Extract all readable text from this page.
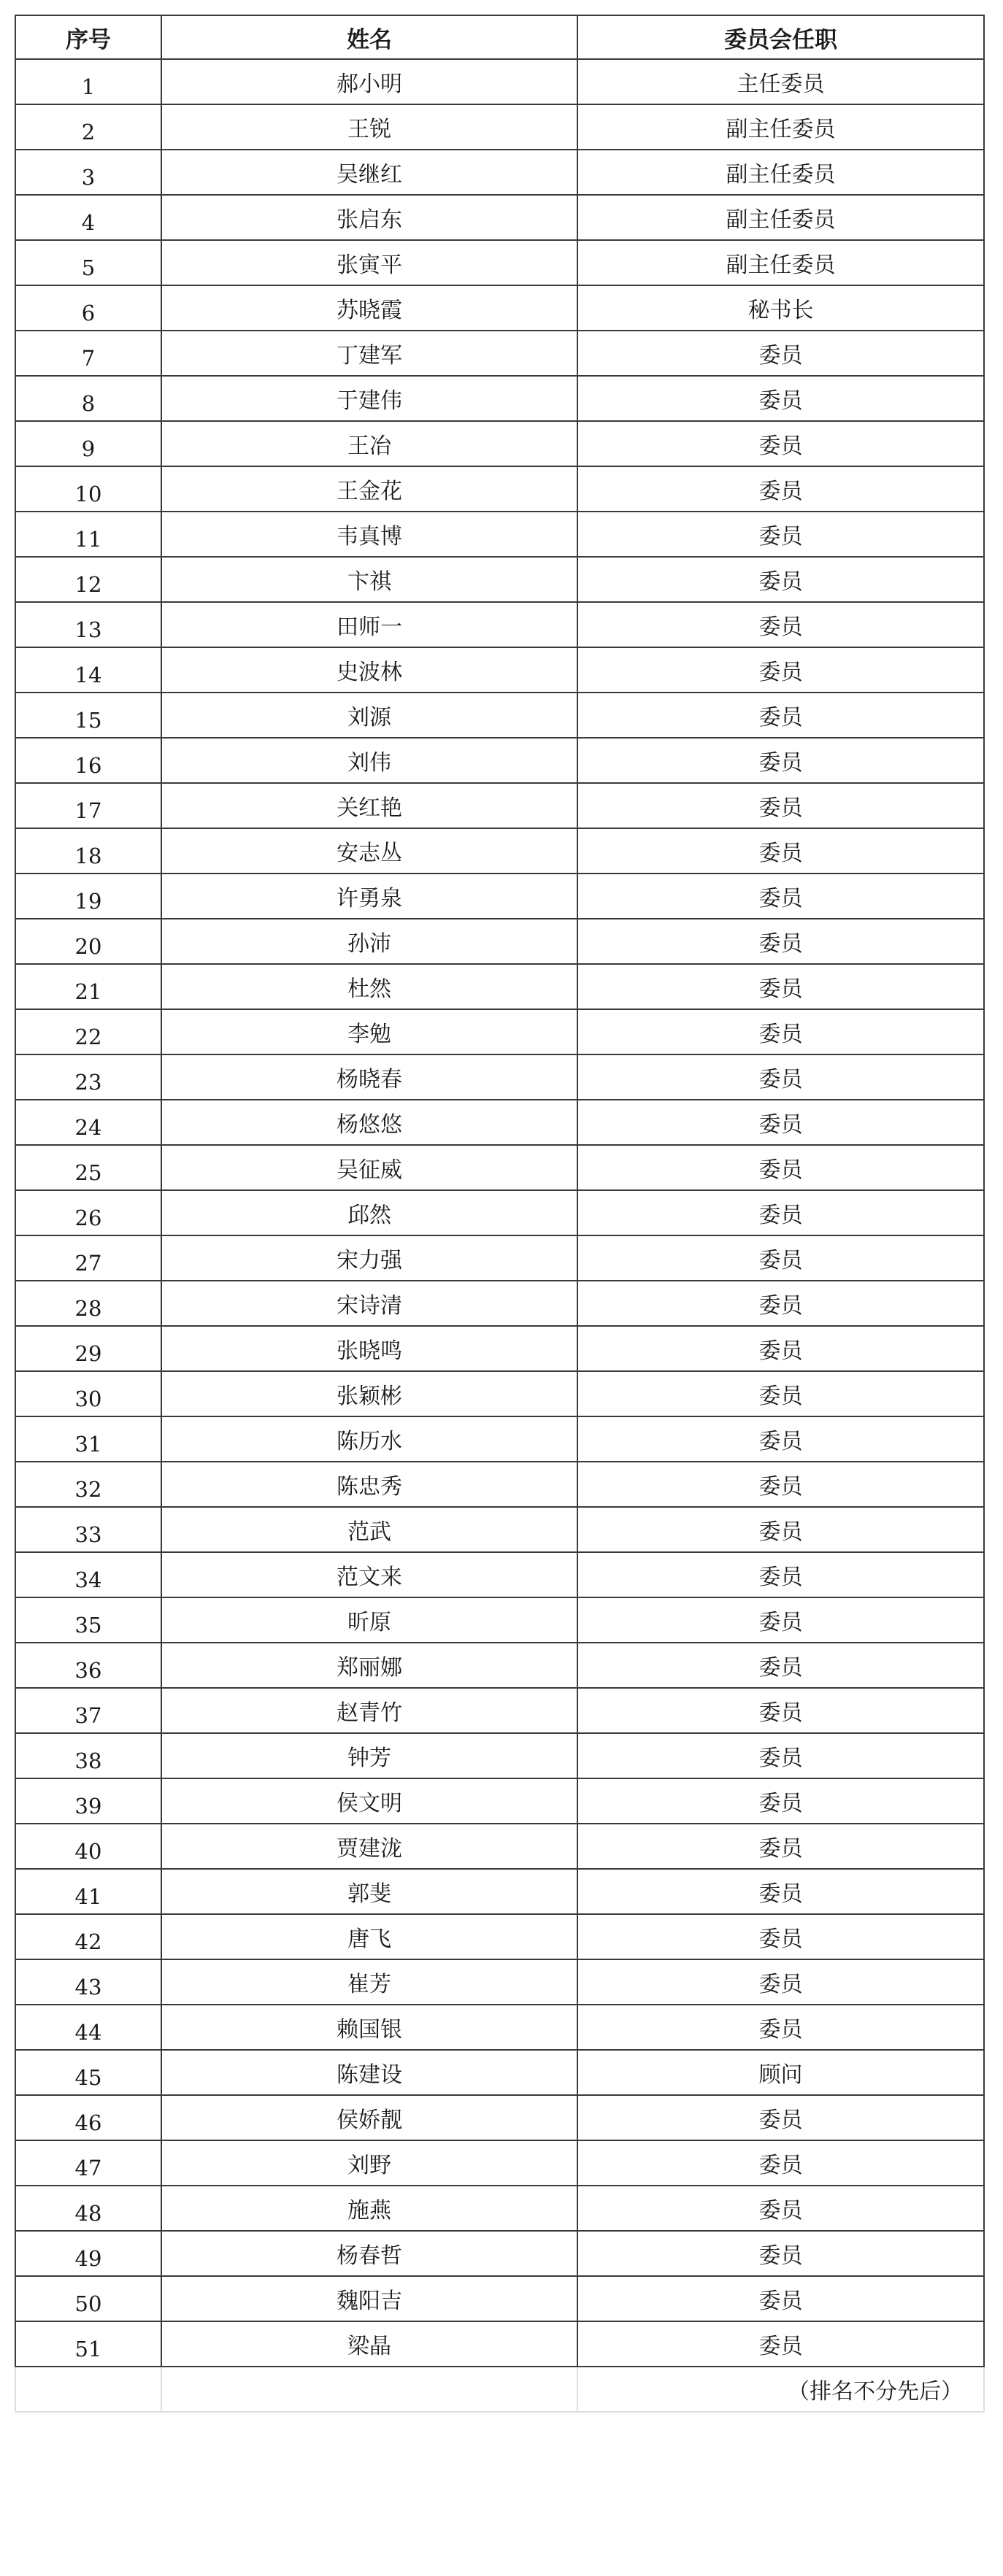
序号	姓名	委员会任职
1	郝小明	主任委员
2	王锐	副主任委员
3	吴继红	副主任委员
4	张启东	副主任委员
5	张寅平	副主任委员
6	苏晓霞	秘书长
7	丁建军	委员
8	于建伟	委员
9	王冶	委员
10	王金花	委员
11	韦真博	委员
12	卞祺	委员
13	田师一	委员
14	史波林	委员
15	刘源	委员
16	刘伟	委员
17	关红艳	委员
18	安志丛	委员
19	许勇泉	委员
20	孙沛	委员
21	杜然	委员
22	李勉	委员
23	杨晓春	委员
24	杨悠悠	委员
25	吴征威	委员
26	邱然	委员
27	宋力强	委员
28	宋诗清	委员
29	张晓鸣	委员
30	张颖彬	委员
31	陈历水	委员
32	陈忠秀	委员
33	范武	委员
34	范文来	委员
35	昕原	委员
36	郑丽娜	委员
37	赵青竹	委员
38	钟芳	委员
39	侯文明	委员
40	贾建泷	委员
41	郭斐	委员
42	唐飞	委员
43	崔芳	委员
44	赖国银	委员
45	陈建设	顾问
46	侯娇靓	委员
47	刘野	委员
48	施燕	委员
49	杨春哲	委员
50	魏阳吉	委员
51	梁晶	委员
		（排名不分先后）
